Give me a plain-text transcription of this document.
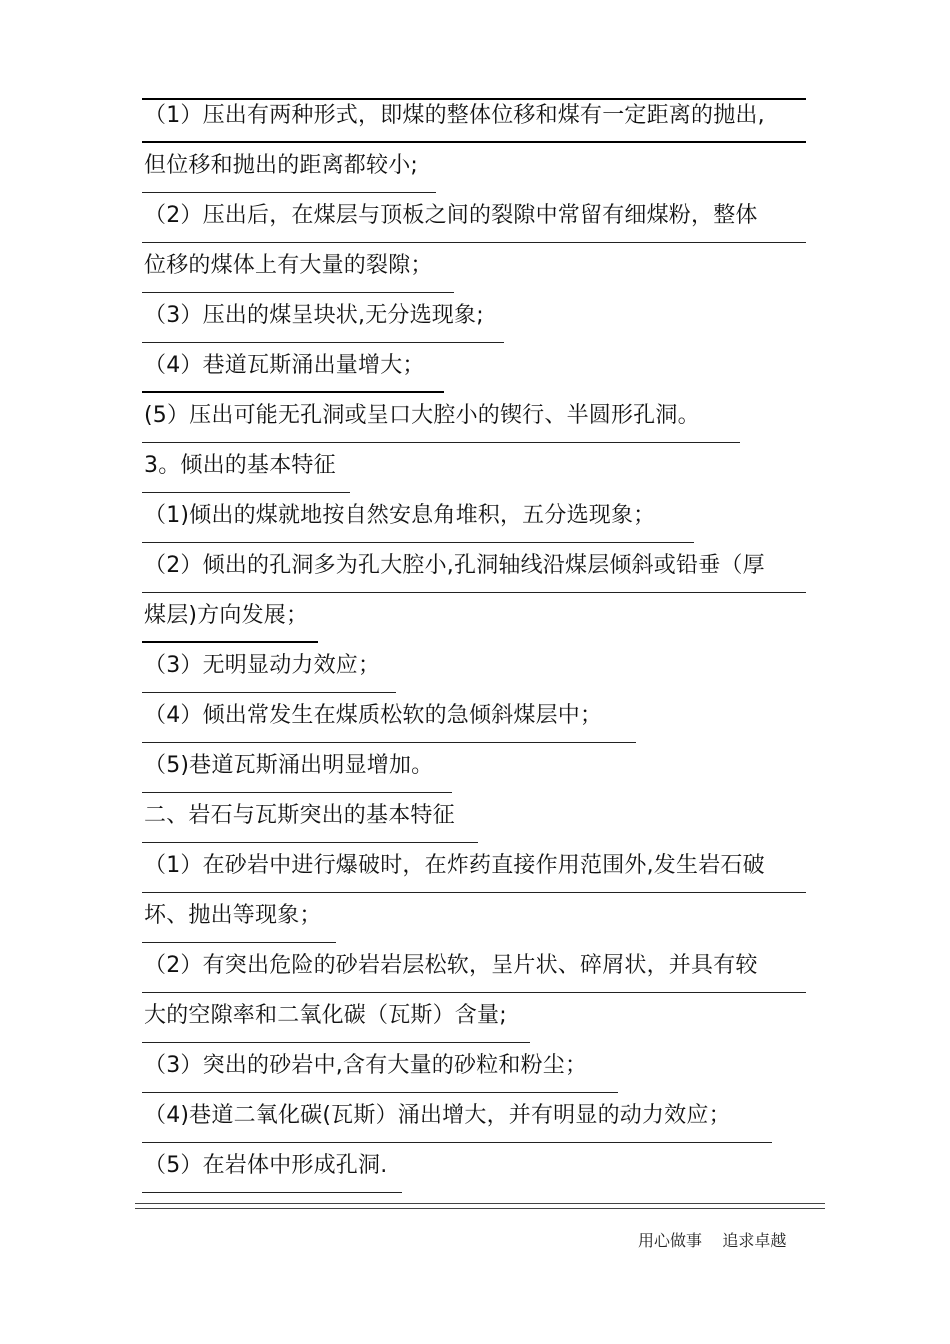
（1）压出有两种形式，即煤的整体位移和煤有一定距离的抛出,
但位移和抛出的距离都较小;
（2）压出后，在煤层与顶板之间的裂隙中常留有细煤粉，整体
位移的煤体上有大量的裂隙；
（3）压出的煤呈块状,无分选现象;
（4）巷道瓦斯涌出量增大；
(5）压出可能无孔洞或呈口大腔小的锲行、半圆形孔洞。
3。倾出的基本特征
（1)倾出的煤就地按自然安息角堆积，五分选现象；
（2）倾出的孔洞多为孔大腔小,孔洞轴线沿煤层倾斜或铅垂（厚
煤层)方向发展；
（3）无明显动力效应；
（4）倾出常发生在煤质松软的急倾斜煤层中；
（5)巷道瓦斯涌出明显增加。
二、岩石与瓦斯突出的基本特征
（1）在砂岩中进行爆破时，在炸药直接作用范围外,发生岩石破
坏、抛出等现象；
（2）有突出危险的砂岩岩层松软，呈片状、碎屑状，并具有较
大的空隙率和二氧化碳（瓦斯）含量;
（3）突出的砂岩中,含有大量的砂粒和粉尘；
（4)巷道二氧化碳(瓦斯）涌出增大，并有明显的动力效应；
（5）在岩体中形成孔洞.
用心做事    追求卓越
